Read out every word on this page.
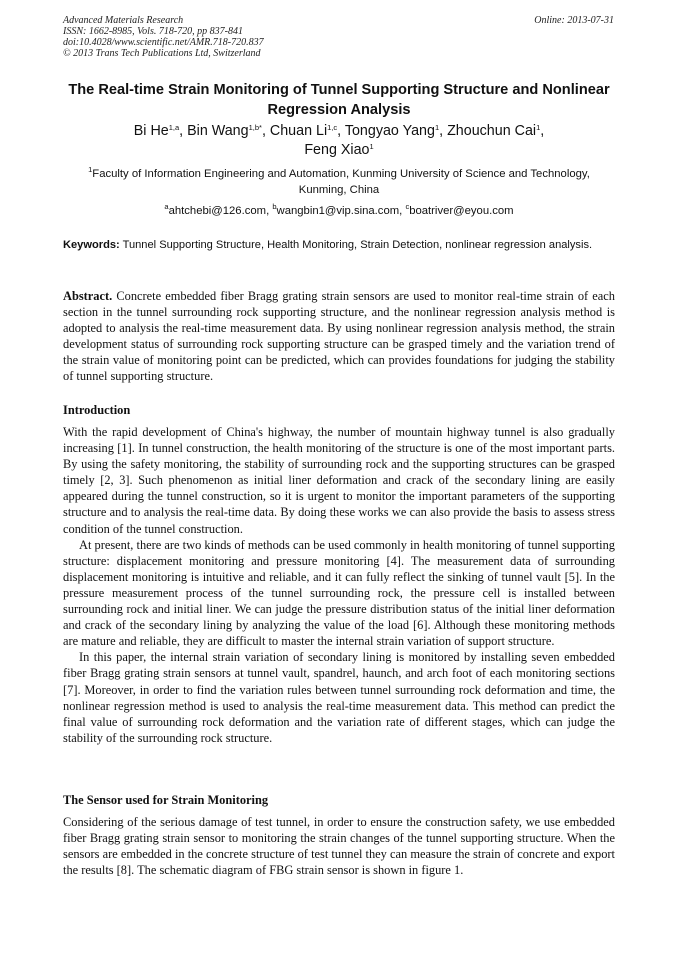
Advanced Materials Research
ISSN: 1662-8985, Vols. 718-720, pp 837-841
doi:10.4028/www.scientific.net/AMR.718-720.837
© 2013 Trans Tech Publications Ltd, Switzerland
Online: 2013-07-31
The Real-time Strain Monitoring of Tunnel Supporting Structure and Nonlinear Regression Analysis
Bi He$^{1,a}$, Bin Wang$^{1,b*}$, Chuan Li$^{1,c}$, Tongyao Yang$^1$, Zhouchun Cai$^1$,
Feng Xiao$^1$
$^1$Faculty of Information Engineering and Automation, Kunming University of Science and Technology, Kunming, China
$^a$ahtchebi@126.com, $^b$wangbin1@vip.sina.com, $^c$boatriver@eyou.com
Keywords: Tunnel Supporting Structure, Health Monitoring, Strain Detection, nonlinear regression analysis.

Abstract. Concrete embedded fiber Bragg grating strain sensors are used to monitor real-time strain of each section in the tunnel surrounding rock supporting structure, and the nonlinear regression analysis method is adopted to analysis the real-time measurement data. By using nonlinear regression analysis method, the strain development status of surrounding rock supporting structure can be grasped timely and the variation trend of the strain value of monitoring point can be predicted, which can provides foundations for judging the stability of tunnel supporting structure.

Introduction

With the rapid development of China's highway, the number of mountain highway tunnel is also gradually increasing [1]. In tunnel construction, the health monitoring of the structure is one of the most important parts. By using the safety monitoring, the stability of surrounding rock and the supporting structures can be grasped timely [2, 3]. Such phenomenon as initial liner deformation and crack of the secondary lining are easily appeared during the tunnel construction, so it is urgent to monitor the important parameters of the supporting structure and to analysis the real-time data. By doing these works we can also provide the basis to assess stress condition of the tunnel construction.

At present, there are two kinds of methods can be used commonly in health monitoring of tunnel supporting structure: displacement monitoring and pressure monitoring [4]. The measurement data of surrounding displacement monitoring is intuitive and reliable, and it can fully reflect the sinking of tunnel vault [5]. In the pressure measurement process of the tunnel surrounding rock, the pressure cell is installed between surrounding rock and initial liner. We can judge the pressure distribution status of the initial liner deformation and crack of the secondary lining by analyzing the value of the load [6]. Although these monitoring methods are mature and reliable, they are difficult to master the internal strain variation of support structure.

In this paper, the internal strain variation of secondary lining is monitored by installing seven embedded fiber Bragg grating strain sensors at tunnel vault, spandrel, haunch, and arch foot of each monitoring sections [7]. Moreover, in order to find the variation rules between tunnel surrounding rock deformation and time, the nonlinear regression method is used to analysis the real-time measurement data. This method can predict the final value of surrounding rock deformation and the variation rate of different stages, which can judge the stability of the surrounding rock structure.

The Sensor used for Strain Monitoring

Considering of the serious damage of test tunnel, in order to ensure the construction safety, we use embedded fiber Bragg grating strain sensor to monitoring the strain changes of the tunnel supporting structure. When the sensors are embedded in the concrete structure of test tunnel they can measure the strain of concrete and export the results [8]. The schematic diagram of FBG strain sensor is shown in figure 1.
